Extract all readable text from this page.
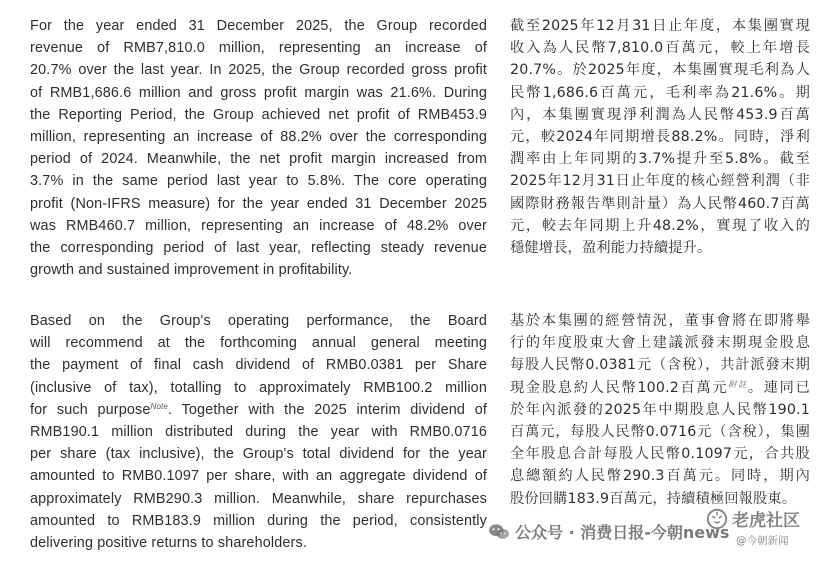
For the year ended 31 December 2025, the Group recorded
revenue of RMB7,810.0 million, representing an increase of
20.7% over the last year. In 2025, the Group recorded gross profit
of RMB1,686.6 million and gross profit margin was 21.6%. During
the Reporting Period, the Group achieved net profit of RMB453.9
million, representing an increase of 88.2% over the corresponding
period of 2024. Meanwhile, the net profit margin increased from
3.7% in the same period last year to 5.8%. The core operating
profit (Non-IFRS measure) for the year ended 31 December 2025
was RMB460.7 million, representing an increase of 48.2% over
the corresponding period of last year, reflecting steady revenue
growth and sustained improvement in profitability.
Based on the Group's operating performance, the Board
will recommend at the forthcoming annual general meeting
the payment of final cash dividend of RMB0.0381 per Share
(inclusive of tax), totalling to approximately RMB100.2 million
for such purpose$^{Note}$. Together with the 2025 interim dividend of
RMB190.1 million distributed during the year with RMB0.0716
per share (tax inclusive), the Group's total dividend for the year
amounted to RMB0.1097 per share, with an aggregate dividend of
approximately RMB290.3 million. Meanwhile, share repurchases
amounted to RMB183.9 million during the period, consistently
delivering positive returns to shareholders.
截至2025年12月31日止年度，本集團實現
收入為人民幣7,810.0百萬元，較上年增長
20.7%。於2025年度，本集團實現毛利為人
民幣1,686.6百萬元，毛利率為21.6%。期
內，本集團實現淨利潤為人民幣453.9百萬
元，較2024年同期增長88.2%。同時，淨利
潤率由上年同期的3.7%提升至5.8%。截至
2025年12月31日止年度的核心經營利潤（非
國際財務報告準則計量）為人民幣460.7百萬
元，較去年同期上升48.2%，實現了收入的
穩健增長，盈利能力持續提升。
基於本集團的經營情況，董事會將在即將舉
行的年度股東大會上建議派發末期現金股息
每股人民幣0.0381元（含稅），共計派發末期
現金股息約人民幣100.2百萬元$^{附註}$。連同已
於年內派發的2025年中期股息人民幣190.1
百萬元，每股人民幣0.0716元（含稅），集團
全年股息合計每股人民幣0.1097元，合共股
息總額約人民幣290.3百萬元。同時，期內
股份回購183.9百萬元，持續積極回報股東。
公众号 · 消费日报-今朝news
老虎社区
@今朝新闻
